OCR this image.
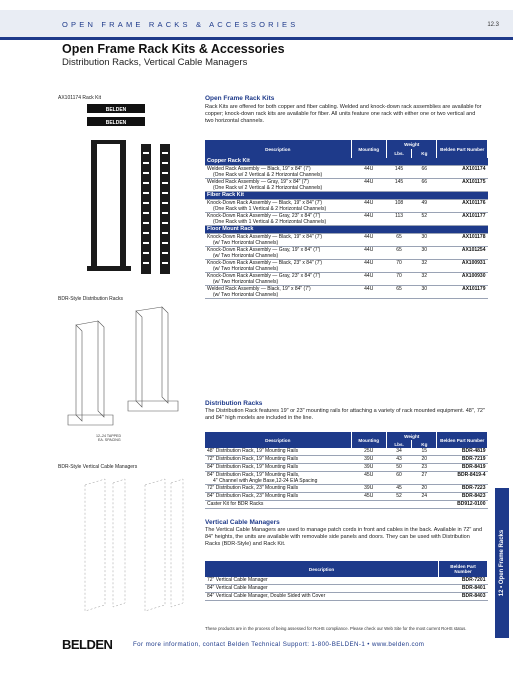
OPEN FRAME RACKS & ACCESSORIES	12.3
Open Frame Rack Kits & Accessories
Distribution Racks, Vertical Cable Managers
AX101174 Rack Kit
BELDEN
BELDEN
BDR-Style Distribution Racks
12–24 TAPPED
EA. SPACING
BDR-Style Vertical Cable Managers
Open Frame Rack Kits
Rack Kits are offered for both copper and fiber cabling. Welded and knock-down rack assemblies are available for copper; knock-down rack kits are available for fiber. All units feature one rack with either one or two vertical and two horizontal channels.
Description	Mounting	Weight		Belden Part Number
		Lbs.	Kg	
Copper Rack Kit				

Welded Rack Assembly — Black, 19" x 84" (7')
(One Rack w/ 2 Vertical & 2 Horizontal Channels)	44U	145	66	AX101174

Welded Rack Assembly — Gray, 19" x 84" (7')
(One Rack w/ 2 Vertical & 2 Horizontal Channels)	44U	145	66	AX101175
Fiber Rack Kit				

Knock-Down Rack Assembly — Black, 19" x 84" (7')
(One Rack with 1 Vertical & 2 Horizontal Channels)	44U	108	49	AX101176

Knock-Down Rack Assembly — Gray, 23" x 84" (7')
(One Rack with 1 Vertical & 2 Horizontal Channels)	44U	113	52	AX101177
Floor Mount Rack				

Knock-Down Rack Assembly — Black, 19" x 84" (7')
(w/ Two Horizontal Channels)	44U	65	30	AX101178

Knock-Down Rack Assembly — Gray, 19" x 84" (7')
(w/ Two Horizontal Channels)	44U	65	30	AX101254

Knock-Down Rack Assembly — Black, 23" x 84" (7')
(w/ Two Horizontal Channels)	44U	70	32	AX100931

Knock-Down Rack Assembly — Gray, 23" x 84" (7')
(w/ Two Horizontal Channels)	44U	70	32	AX100930

Welded Rack Assembly — Black, 19" x 84" (7')
(w/ Two Horizontal Channels)	44U	65	30	AX101179
Distribution Racks
The Distribution Rack features 19" or 23" mounting rails for attaching a variety of rack mounted equipment. 48", 72" and 84" high models are included in the line.
Description	Mounting	Weight		Belden Part Number
		Lbs.	Kg	

48" Distribution Rack, 19" Mounting Rails	25U	34	15	BDR-4819

72" Distribution Rack, 19" Mounting Rails	39U	43	20	BDR-7219

84" Distribution Rack, 19" Mounting Rails	39U	50	23	BDR-8419

84" Distribution Rack, 19" Mounting Rails,
4" Channel with Angle Base,12-24 EIA Spacing	45U	60	27	BDR-8419-4

72" Distribution Rack, 23" Mounting Rails	39U	45	20	BDR-7223

84" Distribution Rack, 23" Mounting Rails	45U	52	24	BDR-8423

Caster Kit for BDR Racks				BD912-0100
Vertical Cable Managers
The Vertical Cable Managers are used to manage patch cords in front and cables in the back. Available in 72" and 84" heights, the units are available with removable side panels and doors. They can be used with Distribution Racks (BDR-Style) and Rack Kit.
Description	Belden Part Number
72" Vertical Cable Manager	BDR-7201
84" Vertical Cable Manager	BDR-8401
84" Vertical Cable Manager, Double Sided with Cover	BDR-8403 12 • Open Frame Racks
These products are in the process of being assessed for RoHS compliance. Please check our Web Site for the most current RoHS status.
BELDEN	For more information, contact Belden Technical Support: 1-800-BELDEN-1 • www.belden.com
